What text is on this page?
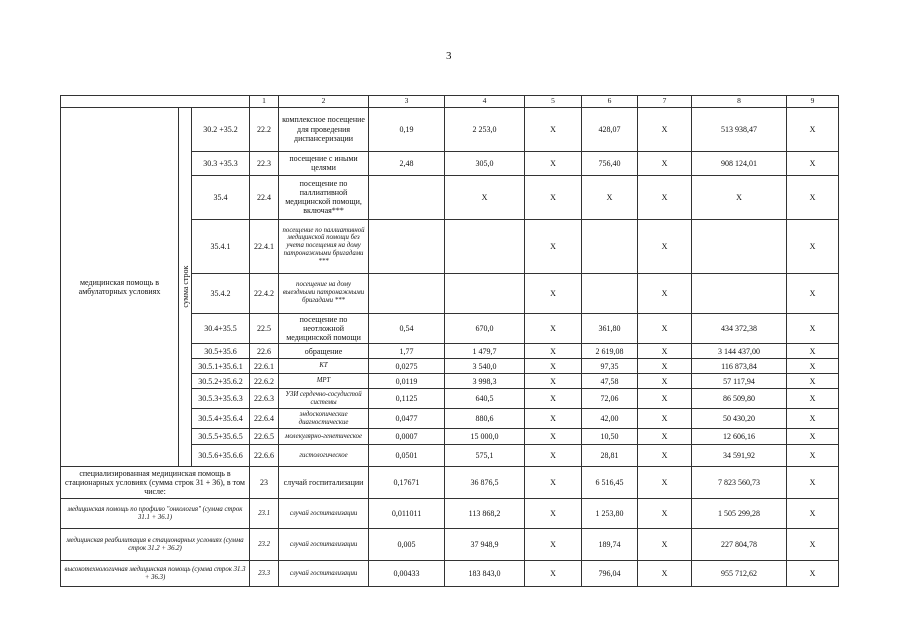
3
			1	2	3	4	5	6	7	8	9
медицинская помощь в амбулаторных условиях	сумма строк	30.2 +35.2	22.2	комплексное посещение для проведения диспансеризации	0,19	2 253,0	X	428,07	X	513 938,47	X
		30.3 +35.3	22.3	посещение с иными целями	2,48	305,0	X	756,40	X	908 124,01	X
		35.4	22.4	посещение по паллиативной медицинской помощи, включая***		X	X	X	X	X	X
		35.4.1	22.4.1	посещение по паллиативной медицинской помощи без учета посещения на дому патронажными бригадами ***			X		X		X
		35.4.2	22.4.2	посещение на дому выездными патронажными бригадами ***			X		X		X
		30.4+35.5	22.5	посещение по неотложной медицинской помощи	0,54	670,0	X	361,80	X	434 372,38	X
		30.5+35.6	22.6	обращение	1,77	1 479,7	X	2 619,08	X	3 144 437,00	X
		30.5.1+35.6.1	22.6.1	КТ	0,0275	3 540,0	X	97,35	X	116 873,84	X
		30.5.2+35.6.2	22.6.2	МРТ	0,0119	3 998,3	X	47,58	X	57 117,94	X
		30.5.3+35.6.3	22.6.3	УЗИ сердечно-сосудистой системы	0,1125	640,5	X	72,06	X	86 509,80	X
		30.5.4+35.6.4	22.6.4	эндоскопические диагностические	0,0477	880,6	X	42,00	X	50 430,20	X
		30.5.5+35.6.5	22.6.5	молекулярно-генетическое	0,0007	15 000,0	X	10,50	X	12 606,16	X
		30.5.6+35.6.6	22.6.6	гистологическое	0,0501	575,1	X	28,81	X	34 591,92	X
специализированная медицинская помощь в стационарных условиях (сумма строк 31 + 36), в том числе:			23	случай госпитализации	0,17671	36 876,5	X	6 516,45	X	7 823 560,73	X
медицинская помощь по профилю "онкология" (сумма строк 31.1 + 36.1)			23.1	случай госпитализации	0,011011	113 868,2	X	1 253,80	X	1 505 299,28	X
медицинская реабилитация в стационарных условиях (сумма строк 31.2 + 36.2)			23.2	случай госпитализации	0,005	37 948,9	X	189,74	X	227 804,78	X
высокотехнологичная медицинская помощь (сумма строк 31.3 + 36.3)			23.3	случай госпитализации	0,00433	183 843,0	X	796,04	X	955 712,62	X
